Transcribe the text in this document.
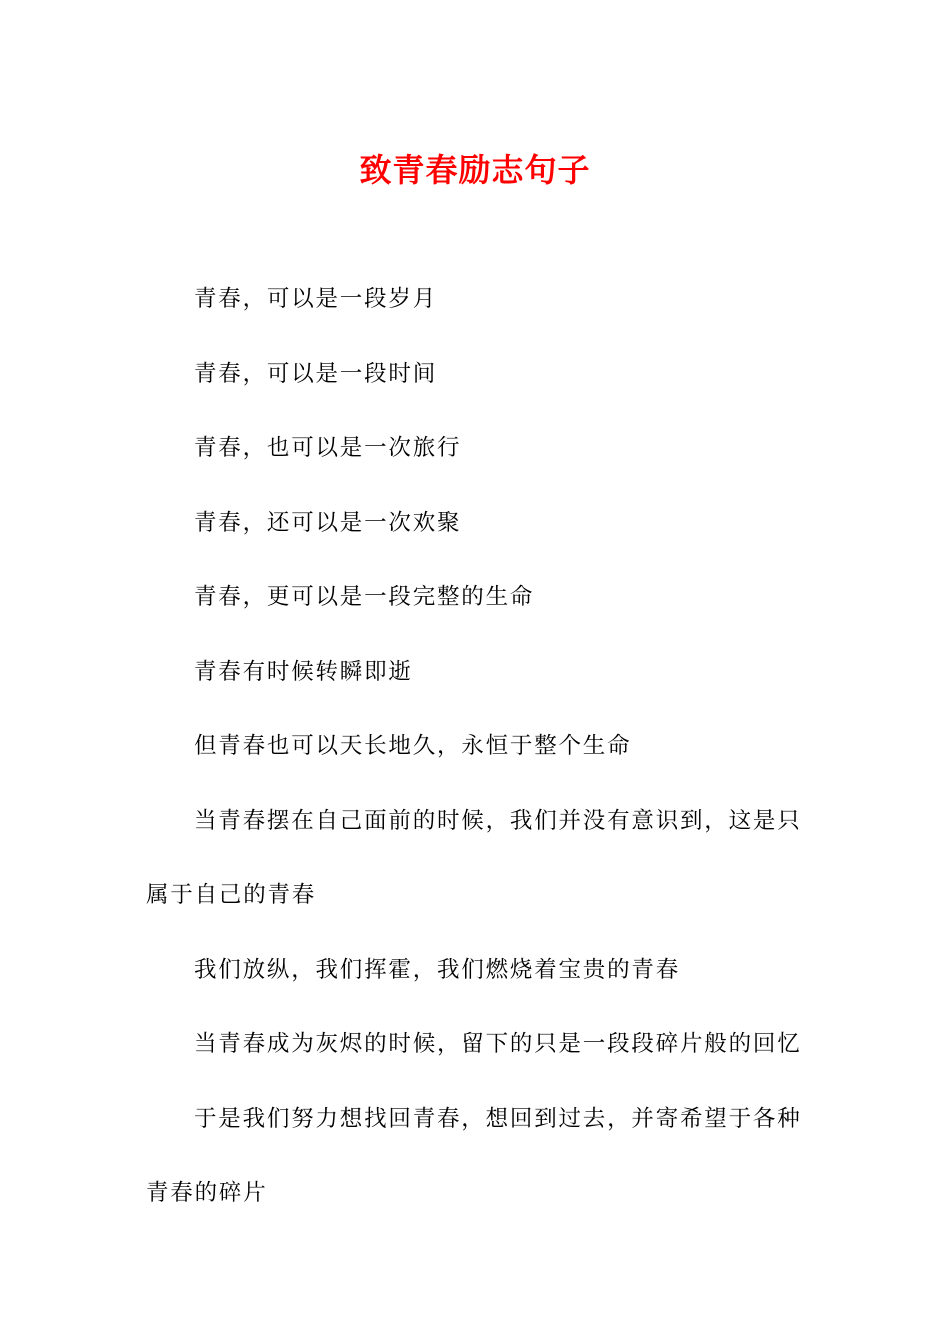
致青春励志句子

青春，可以是一段岁月

青春，可以是一段时间

青春，也可以是一次旅行

青春，还可以是一次欢聚

青春，更可以是一段完整的生命

青春有时候转瞬即逝

但青春也可以天长地久，永恒于整个生命

当青春摆在自己面前的时候，我们并没有意识到，这是只属于自己的青春

我们放纵，我们挥霍，我们燃烧着宝贵的青春

当青春成为灰烬的时候，留下的只是一段段碎片般的回忆

于是我们努力想找回青春，想回到过去，并寄希望于各种青春的碎片
